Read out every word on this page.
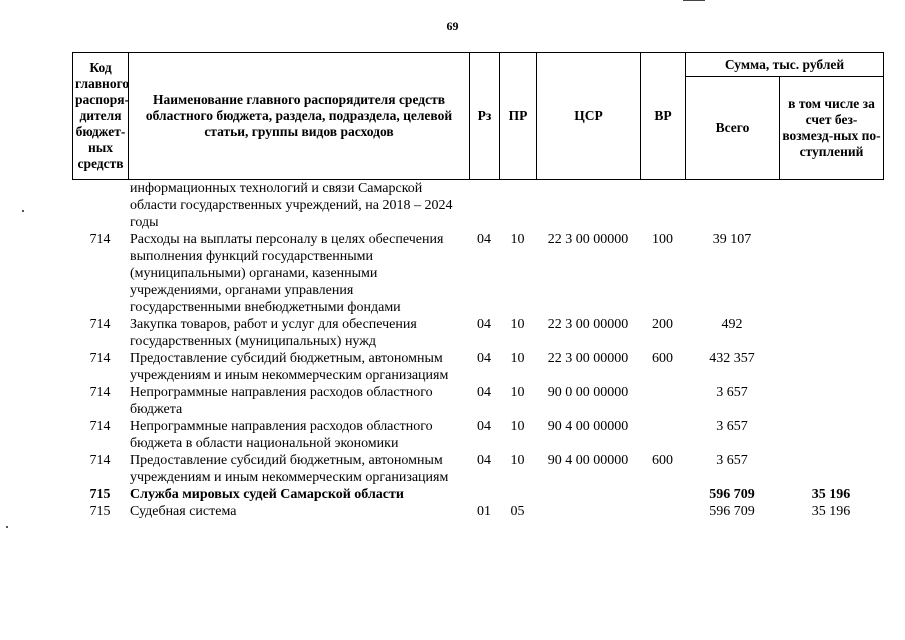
69
Код главного распоря-дителя бюджет-ных средств	Наименование главного распорядителя средств областного бюджета, раздела, подраздела, целевой статьи, группы видов расходов	Рз	ПР	ЦСР	ВР	Сумма, тыс. рублей	
						Всего	в том числе за счет без-возмезд-ных по-ступлений
	информационных технологий и связи Самарской области государственных учреждений, на 2018 – 2024 годы						
714	Расходы на выплаты персоналу в целях обеспечения выполнения функций государственными (муниципальными) органами, казенными учреждениями, органами управления государственными внебюджетными фондами	04	10	22 3 00 00000	100	39 107	
714	Закупка товаров, работ и услуг для обеспечения государственных (муниципальных) нужд	04	10	22 3 00 00000	200	492	
714	Предоставление субсидий бюджетным, автономным учреждениям и иным некоммерческим организациям	04	10	22 3 00 00000	600	432 357	
714	Непрограммные направления расходов областного бюджета	04	10	90 0 00 00000		3 657	
714	Непрограммные направления расходов областного бюджета в области национальной экономики	04	10	90 4 00 00000		3 657	
714	Предоставление субсидий бюджетным, автономным учреждениям и иным некоммерческим организациям	04	10	90 4 00 00000	600	3 657	
715	Служба мировых судей Самарской области					596 709	35 196
715	Судебная система	01	05			596 709	35 196
